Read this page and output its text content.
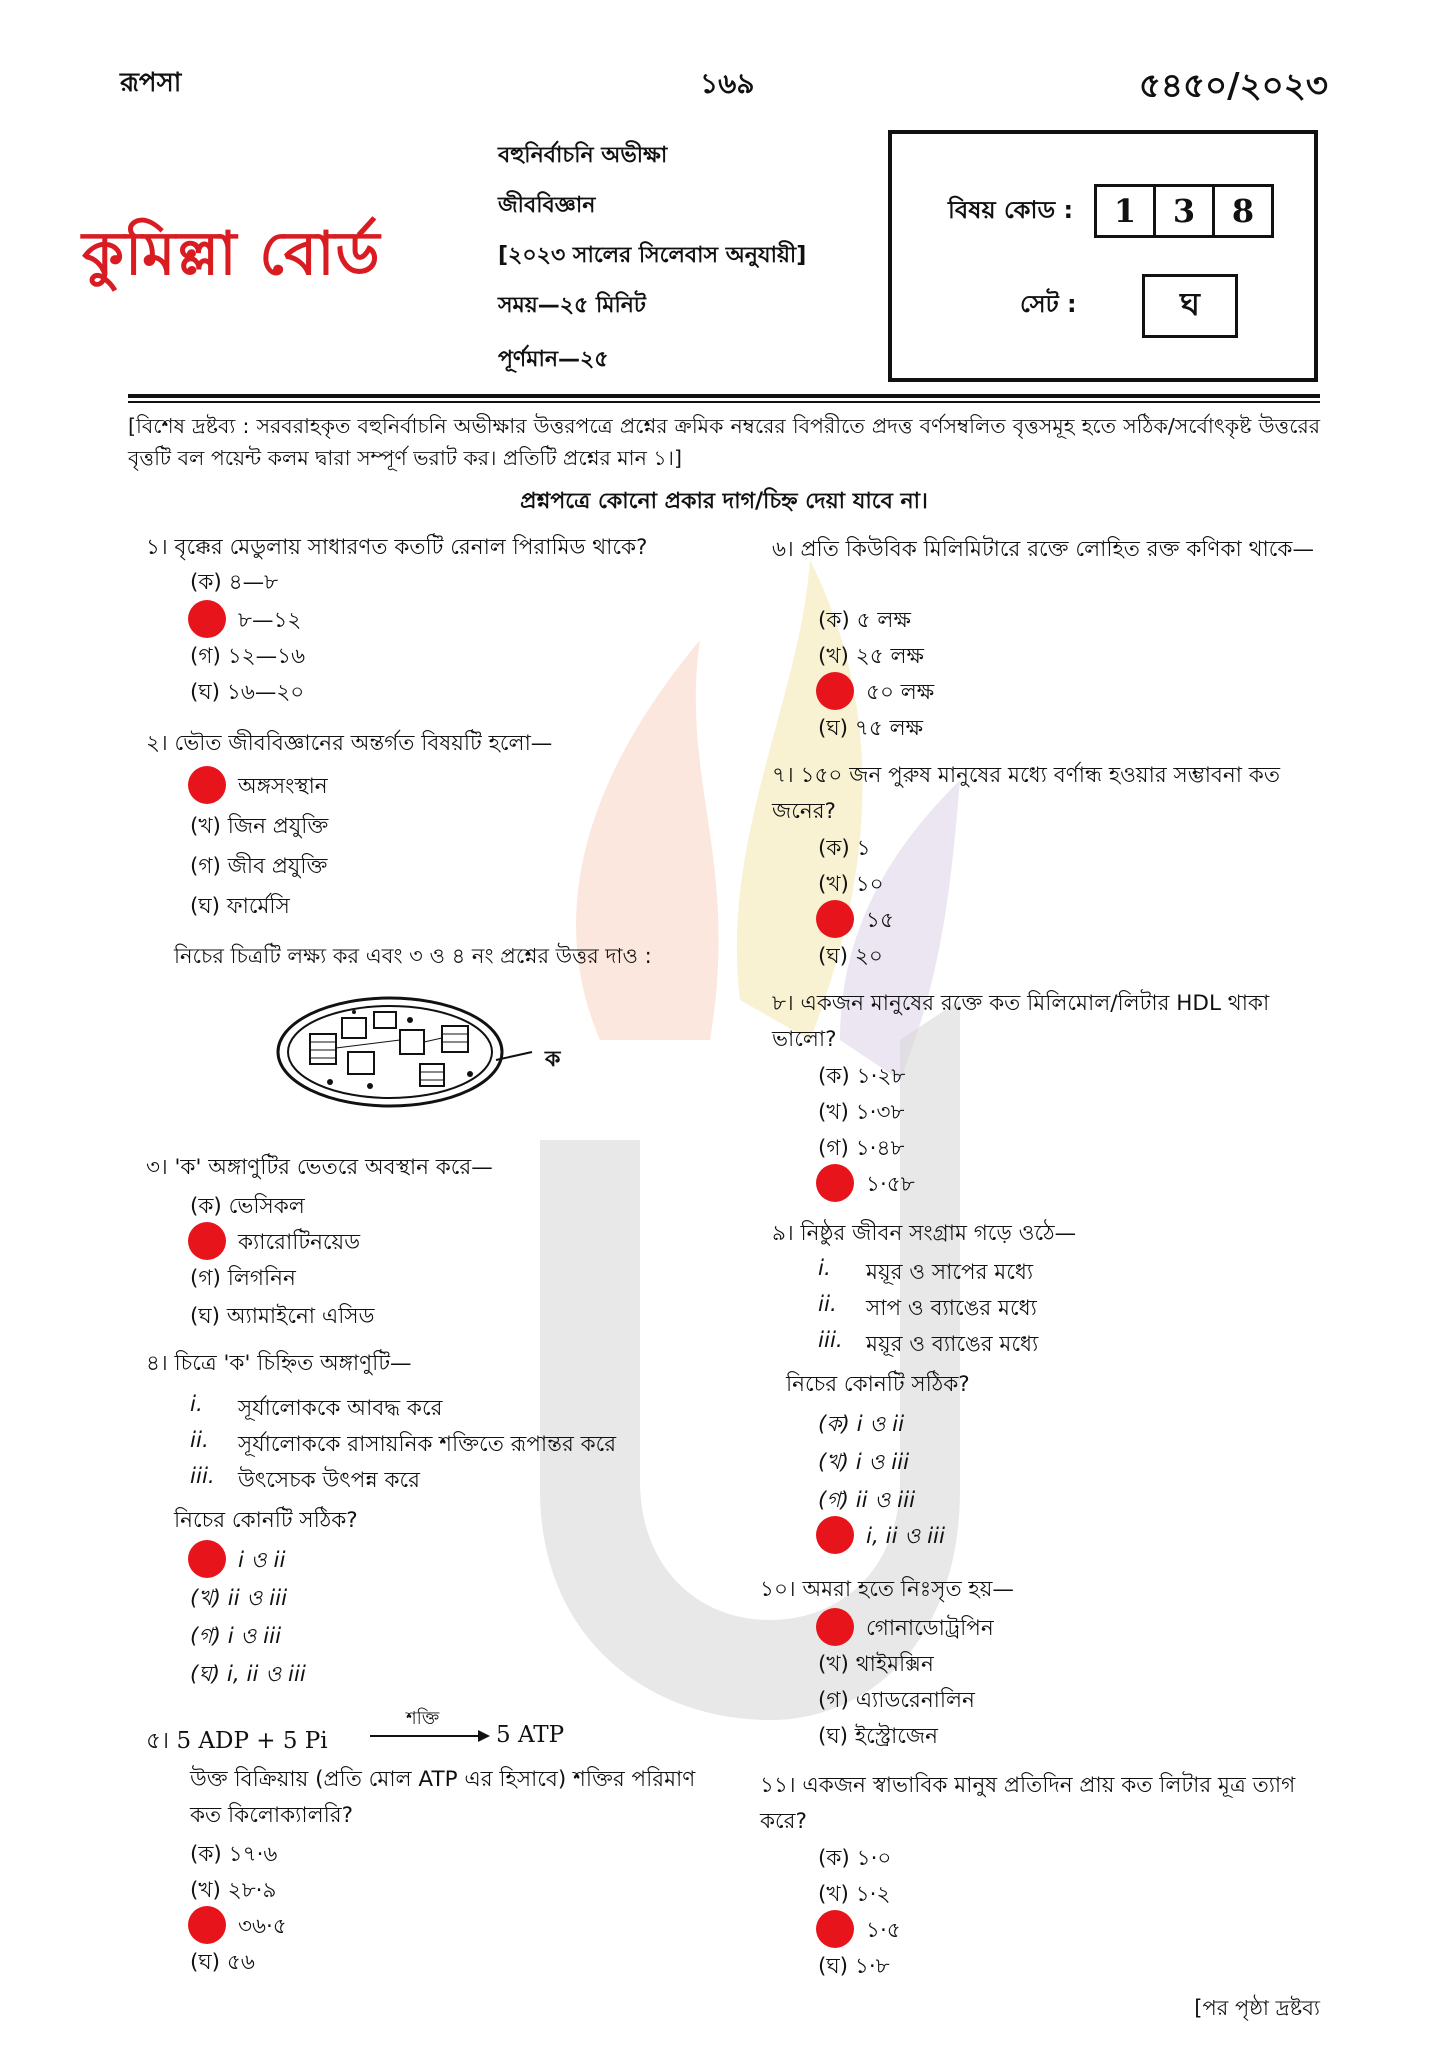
রূপসা	১৬৯	৫৪৫০/২০২৩
কুমিল্লা বোর্ড
বহুনির্বাচনি অভীক্ষা
জীববিজ্ঞান
[২০২৩ সালের সিলেবাস অনুযায়ী]
সময়—২৫ মিনিট
পূর্ণমান—২৫
বিষয় কোড :	1	3	8
সেট :	ঘ
[বিশেষ দ্রষ্টব্য : সরবরাহকৃত বহুনির্বাচনি অভীক্ষার উত্তরপত্রে প্রশ্নের ক্রমিক নম্বরের বিপরীতে প্রদত্ত বর্ণসম্বলিত বৃত্তসমূহ হতে সঠিক/সর্বোৎকৃষ্ট উত্তরের বৃত্তটি বল পয়েন্ট কলম দ্বারা সম্পূর্ণ ভরাট কর। প্রতিটি প্রশ্নের মান ১।]
প্রশ্নপত্রে কোনো প্রকার দাগ/চিহ্ন দেয়া যাবে না।
১। বৃক্কের মেডুলায় সাধারণত কতটি রেনাল পিরামিড থাকে?
(ক) ৪—৮
৮—১২
(গ) ১২—১৬
(ঘ) ১৬—২০
২। ভৌত জীববিজ্ঞানের অন্তর্গত বিষয়টি হলো—
অঙ্গসংস্থান
(খ) জিন প্রযুক্তি
(গ) জীব প্রযুক্তি
(ঘ) ফার্মেসি
নিচের চিত্রটি লক্ষ্য কর এবং ৩ ও ৪ নং প্রশ্নের উত্তর দাও :
ক
৩। 'ক' অঙ্গাণুটির ভেতরে অবস্থান করে—
(ক) ভেসিকল
ক্যারোটিনয়েড
(গ) লিগনিন
(ঘ) অ্যামাইনো এসিড
৪। চিত্রে 'ক' চিহ্নিত অঙ্গাণুটি—
i. সূর্যালোককে আবদ্ধ করে
ii. সূর্যালোককে রাসায়নিক শক্তিতে রূপান্তর করে
iii. উৎসেচক উৎপন্ন করে
নিচের কোনটি সঠিক?
i ও ii
(খ) ii ও iii
(গ) i ও iii
(ঘ) i, ii ও iii
৫। 5 ADP + 5 Pi
শক্তি
5 ATP
উক্ত বিক্রিয়ায় (প্রতি মোল ATP এর হিসাবে) শক্তির পরিমাণ কত কিলোক্যালরি?
(ক) ১৭·৬
(খ) ২৮·৯
৩৬·৫
(ঘ) ৫৬
৬। প্রতি কিউবিক মিলিমিটারে রক্তে লোহিত রক্ত কণিকা থাকে—
(ক) ৫ লক্ষ
(খ) ২৫ লক্ষ
৫০ লক্ষ
(ঘ) ৭৫ লক্ষ
৭। ১৫০ জন পুরুষ মানুষের মধ্যে বর্ণান্ধ হওয়ার সম্ভাবনা কত জনের?
(ক) ১
(খ) ১০
১৫
(ঘ) ২০
৮। একজন মানুষের রক্তে কত মিলিমোল/লিটার HDL থাকা ভালো?
(ক) ১·২৮
(খ) ১·৩৮
(গ) ১·৪৮
১·৫৮
৯। নিষ্ঠুর জীবন সংগ্রাম গড়ে ওঠে—
i. ময়ূর ও সাপের মধ্যে
ii. সাপ ও ব্যাঙের মধ্যে
iii. ময়ূর ও ব্যাঙের মধ্যে
নিচের কোনটি সঠিক?
(ক) i ও ii
(খ) i ও iii
(গ) ii ও iii
i, ii ও iii
১০। অমরা হতে নিঃসৃত হয়—
গোনাডোট্রপিন
(খ) থাইমক্সিন
(গ) এ্যাডরেনালিন
(ঘ) ইস্ট্রোজেন
১১। একজন স্বাভাবিক মানুষ প্রতিদিন প্রায় কত লিটার মূত্র ত্যাগ করে?
(ক) ১·০
(খ) ১·২
১·৫
(ঘ) ১·৮
[পর পৃষ্ঠা দ্রষ্টব্য
